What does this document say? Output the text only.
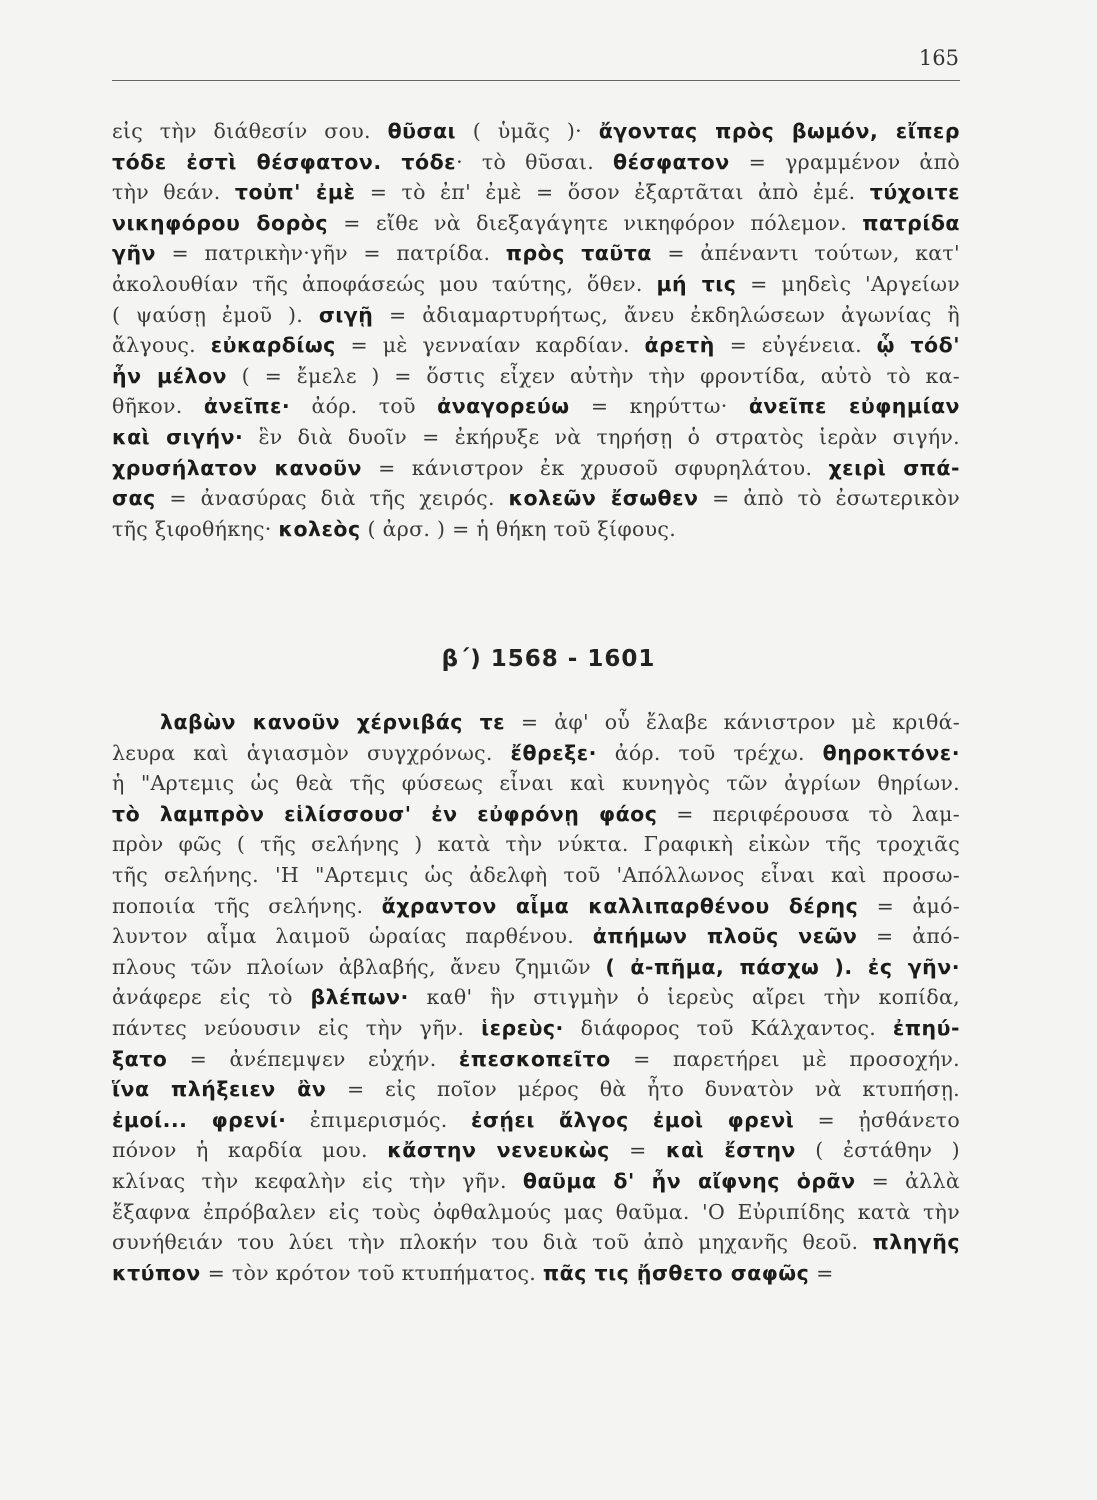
165
εἰς τὴν διάθεσίν σου. θῦσαι ( ὑμᾶς )· ἄγοντας πρὸς βωμόν, εἴπερ
τόδε ἐστὶ θέσφατον. τόδε· τὸ θῦσαι. θέσφατον = γραμμένον ἀπὸ
τὴν θεάν. τοὐπ' ἐμὲ = τὸ ἐπ' ἐμὲ = ὅσον ἐξαρτᾶται ἀπὸ ἐμέ. τύχοιτε
νικηφόρου δορὸς = εἴθε νὰ διεξαγάγητε νικηφόρον πόλεμον. πατρίδα
γῆν = πατρικὴν·γῆν = πατρίδα. πρὸς ταῦτα = ἀπέναντι τούτων, κατ'
ἀκολουθίαν τῆς ἀποφάσεώς μου ταύτης, ὅθεν. μή τις = μηδεὶς 'Αργείων
( ψαύσῃ ἐμοῦ ). σιγῇ = ἀδιαμαρτυρήτως, ἄνευ ἐκδηλώσεων ἀγωνίας ἢ
ἄλγους. εὐκαρδίως = μὲ γενναίαν καρδίαν. ἀρετὴ = εὐγένεια. ᾧ τόδ'
ἦν μέλον ( = ἔμελε ) = ὅστις εἶχεν αὐτὴν τὴν φροντίδα, αὐτὸ τὸ κα-
θῆκον. ἀνεῖπε· ἀόρ. τοῦ ἀναγορεύω = κηρύττω· ἀνεῖπε εὐφημίαν
καὶ σιγήν· ἓν διὰ δυοῖν = ἐκήρυξε νὰ τηρήσῃ ὁ στρατὸς ἱερὰν σιγήν.
χρυσήλατον κανοῦν = κάνιστρον ἐκ χρυσοῦ σφυρηλάτου. χειρὶ σπά-
σας = ἀνασύρας διὰ τῆς χειρός. κολεῶν ἔσωθεν = ἀπὸ τὸ ἐσωτερικὸν
τῆς ξιφοθήκης· κολεὸς ( ἀρσ. ) = ἡ θήκη τοῦ ξίφους.
β΄) 1568 - 1601
λαβὼν κανοῦν χέρνιβάς τε = ἀφ' οὗ ἔλαβε κάνιστρον μὲ κριθά-
λευρα καὶ ἁγιασμὸν συγχρόνως. ἔθρεξε· ἀόρ. τοῦ τρέχω. θηροκτόνε·
ἡ "Αρτεμις ὡς θεὰ τῆς φύσεως εἶναι καὶ κυνηγὸς τῶν ἀγρίων θηρίων.
τὸ λαμπρὸν εἱλίσσουσ' ἐν εὐφρόνῃ φάος = περιφέρουσα τὸ λαμ-
πρὸν φῶς ( τῆς σελήνης ) κατὰ τὴν νύκτα. Γραφικὴ εἰκὼν τῆς τροχιᾶς
τῆς σελήνης. 'Η "Αρτεμις ὡς ἀδελφὴ τοῦ 'Απόλλωνος εἶναι καὶ προσω-
ποποιία τῆς σελήνης. ἄχραντον αἷμα καλλιπαρθένου δέρης = ἀμό-
λυντον αἷμα λαιμοῦ ὡραίας παρθένου. ἀπήμων πλοῦς νεῶν = ἀπό-
πλους τῶν πλοίων ἀβλαβής, ἄνευ ζημιῶν ( ἀ-πῆμα, πάσχω ). ἐς γῆν·
ἀνάφερε εἰς τὸ βλέπων· καθ' ἣν στιγμὴν ὁ ἱερεὺς αἴρει τὴν κοπίδα,
πάντες νεύουσιν εἰς τὴν γῆν. ἱερεὺς· διάφορος τοῦ Κάλχαντος. ἐπηύ-
ξατο = ἀνέπεμψεν εὐχήν. ἐπεσκοπεῖτο = παρετήρει μὲ προσοχήν.
ἵνα πλήξειεν ἂν = εἰς ποῖον μέρος θὰ ἦτο δυνατὸν νὰ κτυπήσῃ.
ἐμοί... φρενί· ἐπιμερισμός. ἐσῄει ἄλγος ἐμοὶ φρενὶ = ᾐσθάνετο
πόνον ἡ καρδία μου. κἄστην νενευκὼς = καὶ ἔστην ( ἐστάθην )
κλίνας τὴν κεφαλὴν εἰς τὴν γῆν. θαῦμα δ' ἦν αἴφνης ὁρᾶν = ἀλλὰ
ἔξαφνα ἐπρόβαλεν εἰς τοὺς ὀφθαλμούς μας θαῦμα. 'Ο Εὐριπίδης κατὰ τὴν
συνήθειάν του λύει τὴν πλοκήν του διὰ τοῦ ἀπὸ μηχανῆς θεοῦ. πληγῆς
κτύπον = τὸν κρότον τοῦ κτυπήματος. πᾶς τις ᾔσθετο σαφῶς =
